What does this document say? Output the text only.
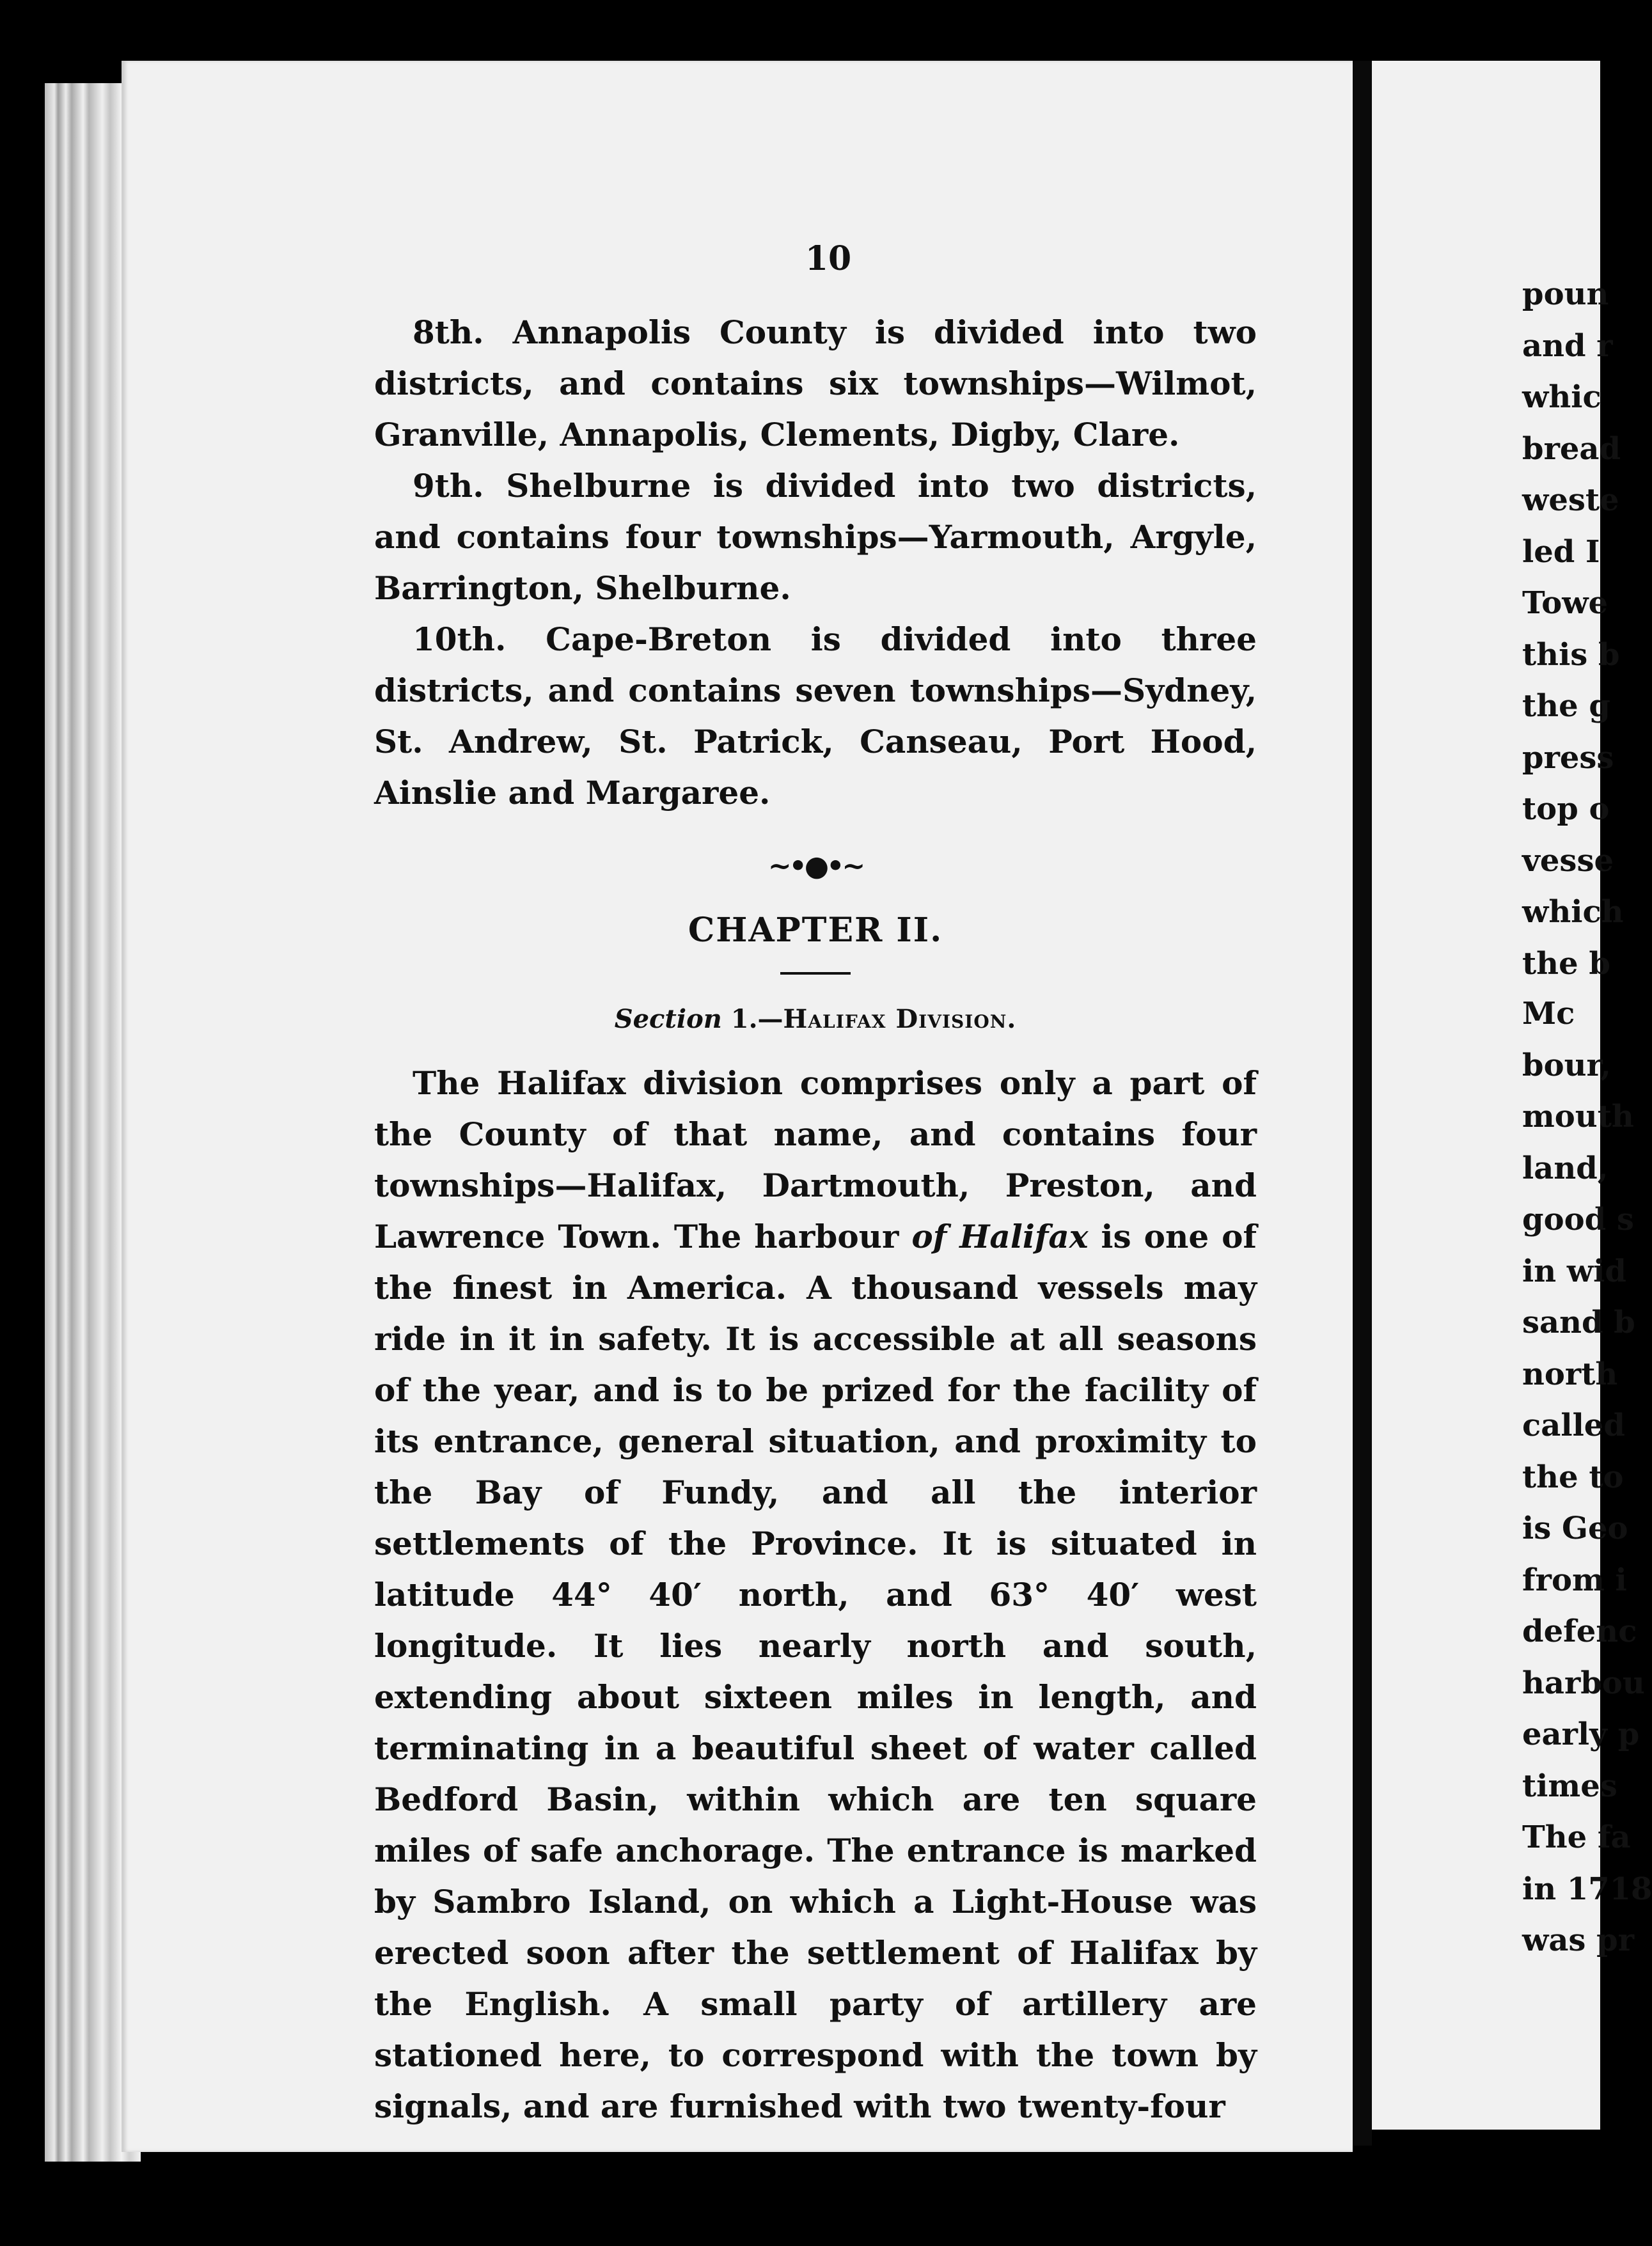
10

8th. Annapolis County is divided into two districts, and contains six townships—Wilmot, Granville, Annapolis, Clements, Digby, Clare.

9th. Shelburne is divided into two districts, and contains four townships—Yarmouth, Argyle, Barrington, Shelburne.

10th. Cape-Breton is divided into three districts, and contains seven townships—Sydney, St. Andrew, St. Patrick, Canseau, Port Hood, Ainslie and Margaree.

~•●•~
CHAPTER II.
Section 1.—Halifax Division.

The Halifax division comprises only a part of the County of that name, and contains four townships—Halifax, Dartmouth, Preston, and Lawrence Town. The harbour of Halifax is one of the finest in America. A thousand vessels may ride in it in safety. It is accessible at all seasons of the year, and is to be prized for the facility of its entrance, general situation, and proximity to the Bay of Fundy, and all the interior settlements of the Province. It is situated in latitude 44° 40′ north, and 63° 40′ west longitude. It lies nearly north and south, extending about sixteen miles in length, and terminating in a beautiful sheet of water called Bedford Basin, within which are ten square miles of safe anchorage. The entrance is marked by Sambro Island, on which a Light-House was erected soon after the settlement of Halifax by the English. A small party of artillery are stationed here, to correspond with the town by signals, and are furnished with two twenty-four

poun
and r
whic
bread
weste
led I
Towe
this b
the g
press
top o
vesse
which
the b
Mc
bour,
mouth
land,
good s
in wid
sand b
north
called
the to
is Geo
from i
defenc
harbou
early p
times
The fa
in 1718
was pr
